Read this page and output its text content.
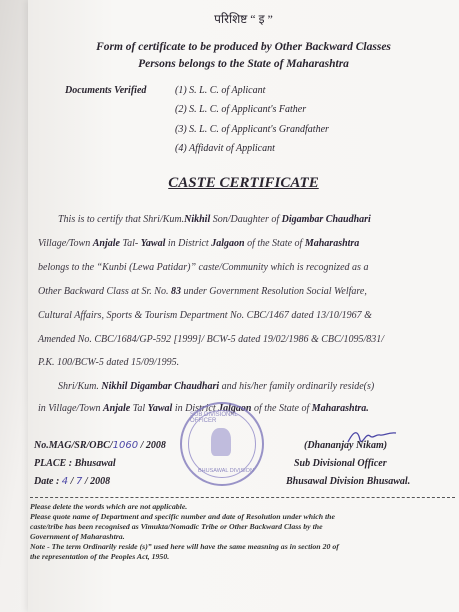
परिशिष्ट “ इ ”
Form of certificate to be produced by Other Backward Classes
Persons belongs to the State of Maharashtra
Documents Verified	(1) S. L. C. of Aplicant
(2) S. L. C. of Applicant's Father
(3) S. L. C. of Applicant's Grandfather
(4) Affidavit of Applicant
CASTE CERTIFICATE
This is to certify that Shri/Kum.Nikhil Son/Daughter of Digambar Chaudhari
Village/Town Anjale Tal- Yawal in District Jalgaon of the State of Maharashtra
belongs to the “Kunbi (Lewa Patidar)” caste/Community which is recognized as a
Other Backward Class at Sr. No. 83 under Government Resolution Social Welfare,
Cultural Affairs, Sports & Tourism Department No. CBC/1467 dated 13/10/1967 &
Amended No. CBC/1684/GP-592 [1999]/ BCW-5 dated 19/02/1986 & CBC/1095/831/
P.K. 100/BCW-5 dated 15/09/1995.
Shri/Kum. Nikhil Digambar Chaudhari and his/her family ordinarily reside(s)
in Village/Town Anjale Tal Yawal in District Jalgaon of the State of Maharashtra.
SUB DIVISIONAL OFFICER
BHUSAWAL DIVISION
No.MAG/SR/OBC/1060 / 2008
PLACE : Bhusawal
Date : 4 / 7 / 2008
(Dhananjay Nikam)
Sub Divisional Officer
Bhusawal Division Bhusawal.
Please delete the words which are not applicable.
Please quote name of Department and specific number and date of Resolution under which the
caste/tribe has been recognised as Vimukta/Nomadic Tribe or Other Backward Class by the
Government of Maharashtra.
Note - The term Ordinarily reside (s)” used here will have the same measning as in section 20 of
the representation of the Peoples Act, 1950.
